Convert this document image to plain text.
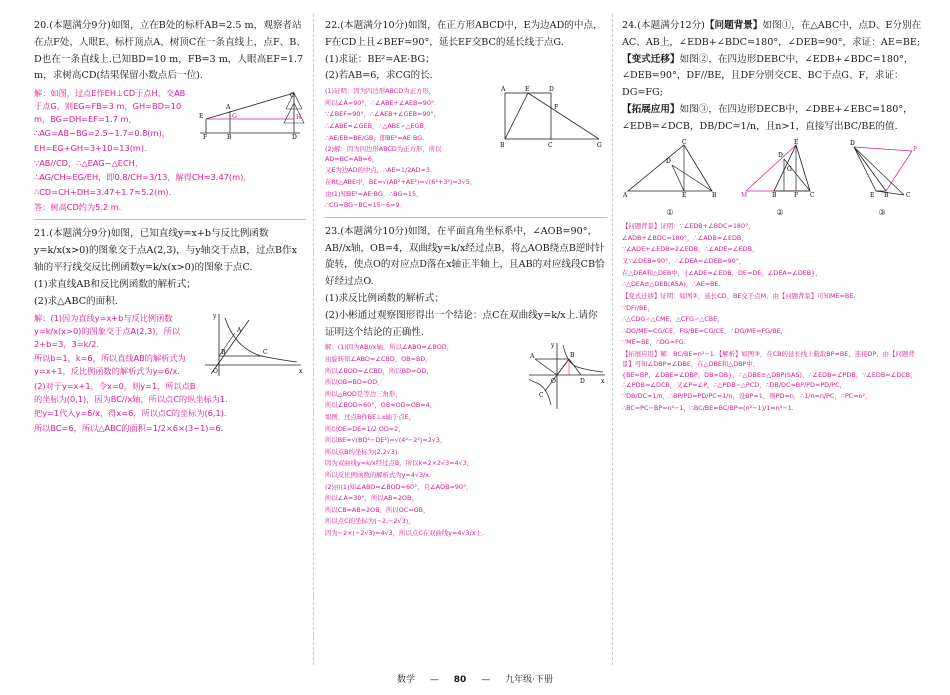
20.(本题满分9分)如图，立在B处的标杆AB=2.5 m，观察者站在点F处，人眼E、标杆顶点A、树顶C在一条直线上，点F、B、D也在一条直线上.已知BD=10 m，FB=3 m，人眼高EF=1.7 m，求树高CD(结果保留小数点后一位).

A
C
E	G	H
F	B	D

解：如图，过点E作EH⊥CD于点H，交AB于点G，则EG=FB=3 m，GH=BD=10 m，BG=DH=EF=1.7 m，

∴AG=AB−BG=2.5−1.7=0.8(m)，

EH=EG+GH=3+10=13(m).

∵AB//CD，∴△EAG∽△ECH，

∴AG/CH=EG/EH，即0.8/CH=3/13，解得CH≈3.47(m)，

∴CD=CH+DH=3.47+1.7≈5.2(m).

答：树高CD约为5.2 m.

21.(本题满分9分)如图，已知直线y=x+b与反比例函数y=k/x(x>0)的图象交于点A(2,3)，与y轴交于点B，过点B作x轴的平行线交反比例函数y=k/x(x>0)的图象于点C.

(1)求直线AB和反比例函数的解析式；

(2)求△ABC的面积.

y
A
B	C
O	x

解：(1)因为直线y=x+b与反比例函数y=k/x(x>0)的图象交于点A(2,3)，所以2+b=3，3=k/2.

所以b=1，k=6，所以直线AB的解析式为y=x+1，反比例函数的解析式为y=6/x.

(2)对于y=x+1，令x=0，则y=1，所以点B的坐标为(0,1)，因为BC//x轴，所以点C的纵坐标为1.

把y=1代入y=6/x，得x=6，所以点C的坐标为(6,1).

所以BC=6，所以△ABC的面积=1/2×6×(3−1)=6.

22.(本题满分10分)如图，在正方形ABCD中，E为边AD的中点，F在CD上且∠BEF=90°，延长EF交BC的延长线于点G.

(1)求证：BE²=AE·BG；

(2)若AB=6，求CG的长.

A	E	D
F
B	C	G

(1)证明：因为四边形ABCD为正方形，

所以∠A=90°，∴∠ABE+∠AEB=90°.

∵∠BEF=90°，∴∠AEB+∠GEB=90°，

∴∠ABE=∠GEB，∴△ABE∽△EGB，

∴AE/EB=BE/GB，即BE²=AE·BG.

(2)解：因为四边形ABCD为正方形，所以AD=BC=AB=6，

又E为边AD的中点，∴AE=1/2AD=3.

在Rt△ABE中，BE=√(AB²+AE²)=√(6²+3²)=3√5，

由(1)知BE²=AE·BG，∴BG=15，

∴CG=BG−BC=15−6=9.

23.(本题满分10分)如图，在平面直角坐标系中，∠AOB=90°，AB//x轴，OB=4，双曲线y=k/x经过点B，将△AOB绕点B逆时针旋转，使点O的对应点D落在x轴正半轴上，且AB的对应线段CB恰好经过点O.

(1)求反比例函数的解析式；

(2)小彬通过观察图形得出一个结论：点C在双曲线y=k/x上.请你证明这个结论的正确性.

y
C
A	B
O	D	x

解：(1)因为AB//x轴，所以∠ABO=∠BOD，

由旋转知∠ABO=∠CBD，OB=BD，

所以∠BOD=∠CBD，所以BD=OD，

所以OB=BD=OD，

所以△BOD是等边三角形，

所以∠BOD=60°，OB=OD=OB=4，

如图，过点B作BE⊥x轴于点E，

所以OE=DE=1/2 OD=2，

所以BE=√(BD²−DE²)=√(4²−2²)=2√3，

所以点B的坐标为(2,2√3).

因为双曲线y=k/x经过点B，所以k=2×2√3=4√3，

所以反比例函数的解析式为y=4√3/x.

(2)由(1)知∠ABO=∠BOD=60°，且∠AOB=90°，

所以∠A=30°，所以AB=2OB，

所以CB=AB=2OB，所以OC=OB，

所以点C的坐标为(−2,−2√3)，

因为−2×(−2√3)=4√3，所以点C在双曲线y=4√3/x上.

24.(本题满分12分)【问题背景】如图①，在△ABC中，点D、E分别在AC、AB上，∠EDB+∠BDC=180°，∠DEB=90°，求证：AE=BE;

【变式迁移】如图②，在四边形DEBC中，∠EDB+∠BDC=180°，∠DEB=90°，DF//BE，且DF分别交CE、BC于点G、F，求证：DG=FG;

【拓展应用】如图③，在四边形DECB中，∠DBE+∠EBC=180°，∠EDB=∠DCB，DB/DC=1/n，且n>1，直接写出BC/BE的值.

D
A	E	B
C
①
D
G
E
M	B	F C
②
D
E
P
B	C
③

【问题背景】证明：∵∠EDB+∠BDC=180°，

∠ADB+∠BDC=180°，∴∠ADB=∠EDB，

∵∠ADE+∠EDB=2∠EDB，∴∠ADE=∠EDB，

又∵∠DEB=90°，∴∠DEA=∠DEB=90°，

在△DEA和△DEB中，{∠ADE=∠EDB，DE=DE，∠DEA=∠DEB}，

∴△DEA≌△DEB(ASA)，∴AE=BE.

【变式迁移】证明：如图②，延长CD、BE交于点M，由【问题背景】可知ME=BE.

∵DF//BE，

∴△CDG∽△CME，△CFG∽△CBE，

∴DG/ME=CG/CE，FG/BE=CG/CE，∴DG/ME=FG/BE，

∵ME=BE，∴DG=FG.

【拓展应用】解：BC/BE=n²−1.【解析】如图③，在CB的延长线上截取BP=BE，连接DP，由【问题背景】可知∠DBP=∠DBE，在△DBE和△DBP中，

{BE=BP，∠DBE=∠DBP，DB=DB}，∴△DBE≌△DBP(SAS)，∴∠EDB=∠PDB，∵∠EDB=∠DCB，∴∠PDB=∠DCB，又∠P=∠P，∴△PDB∽△PCD，∴DB/DC=BP/PD=PD/PC，

∵DB/DC=1/n，∴BP/PD=PD/PC=1/n，设BP=1，则PD=n，∴1/n=n/PC，∴PC=n²，

∴BC=PC−BP=n²−1，∴BC/BE=BC/BP=(n²−1)/1=n²−1.

数学 — 80 — 九年级·下册
